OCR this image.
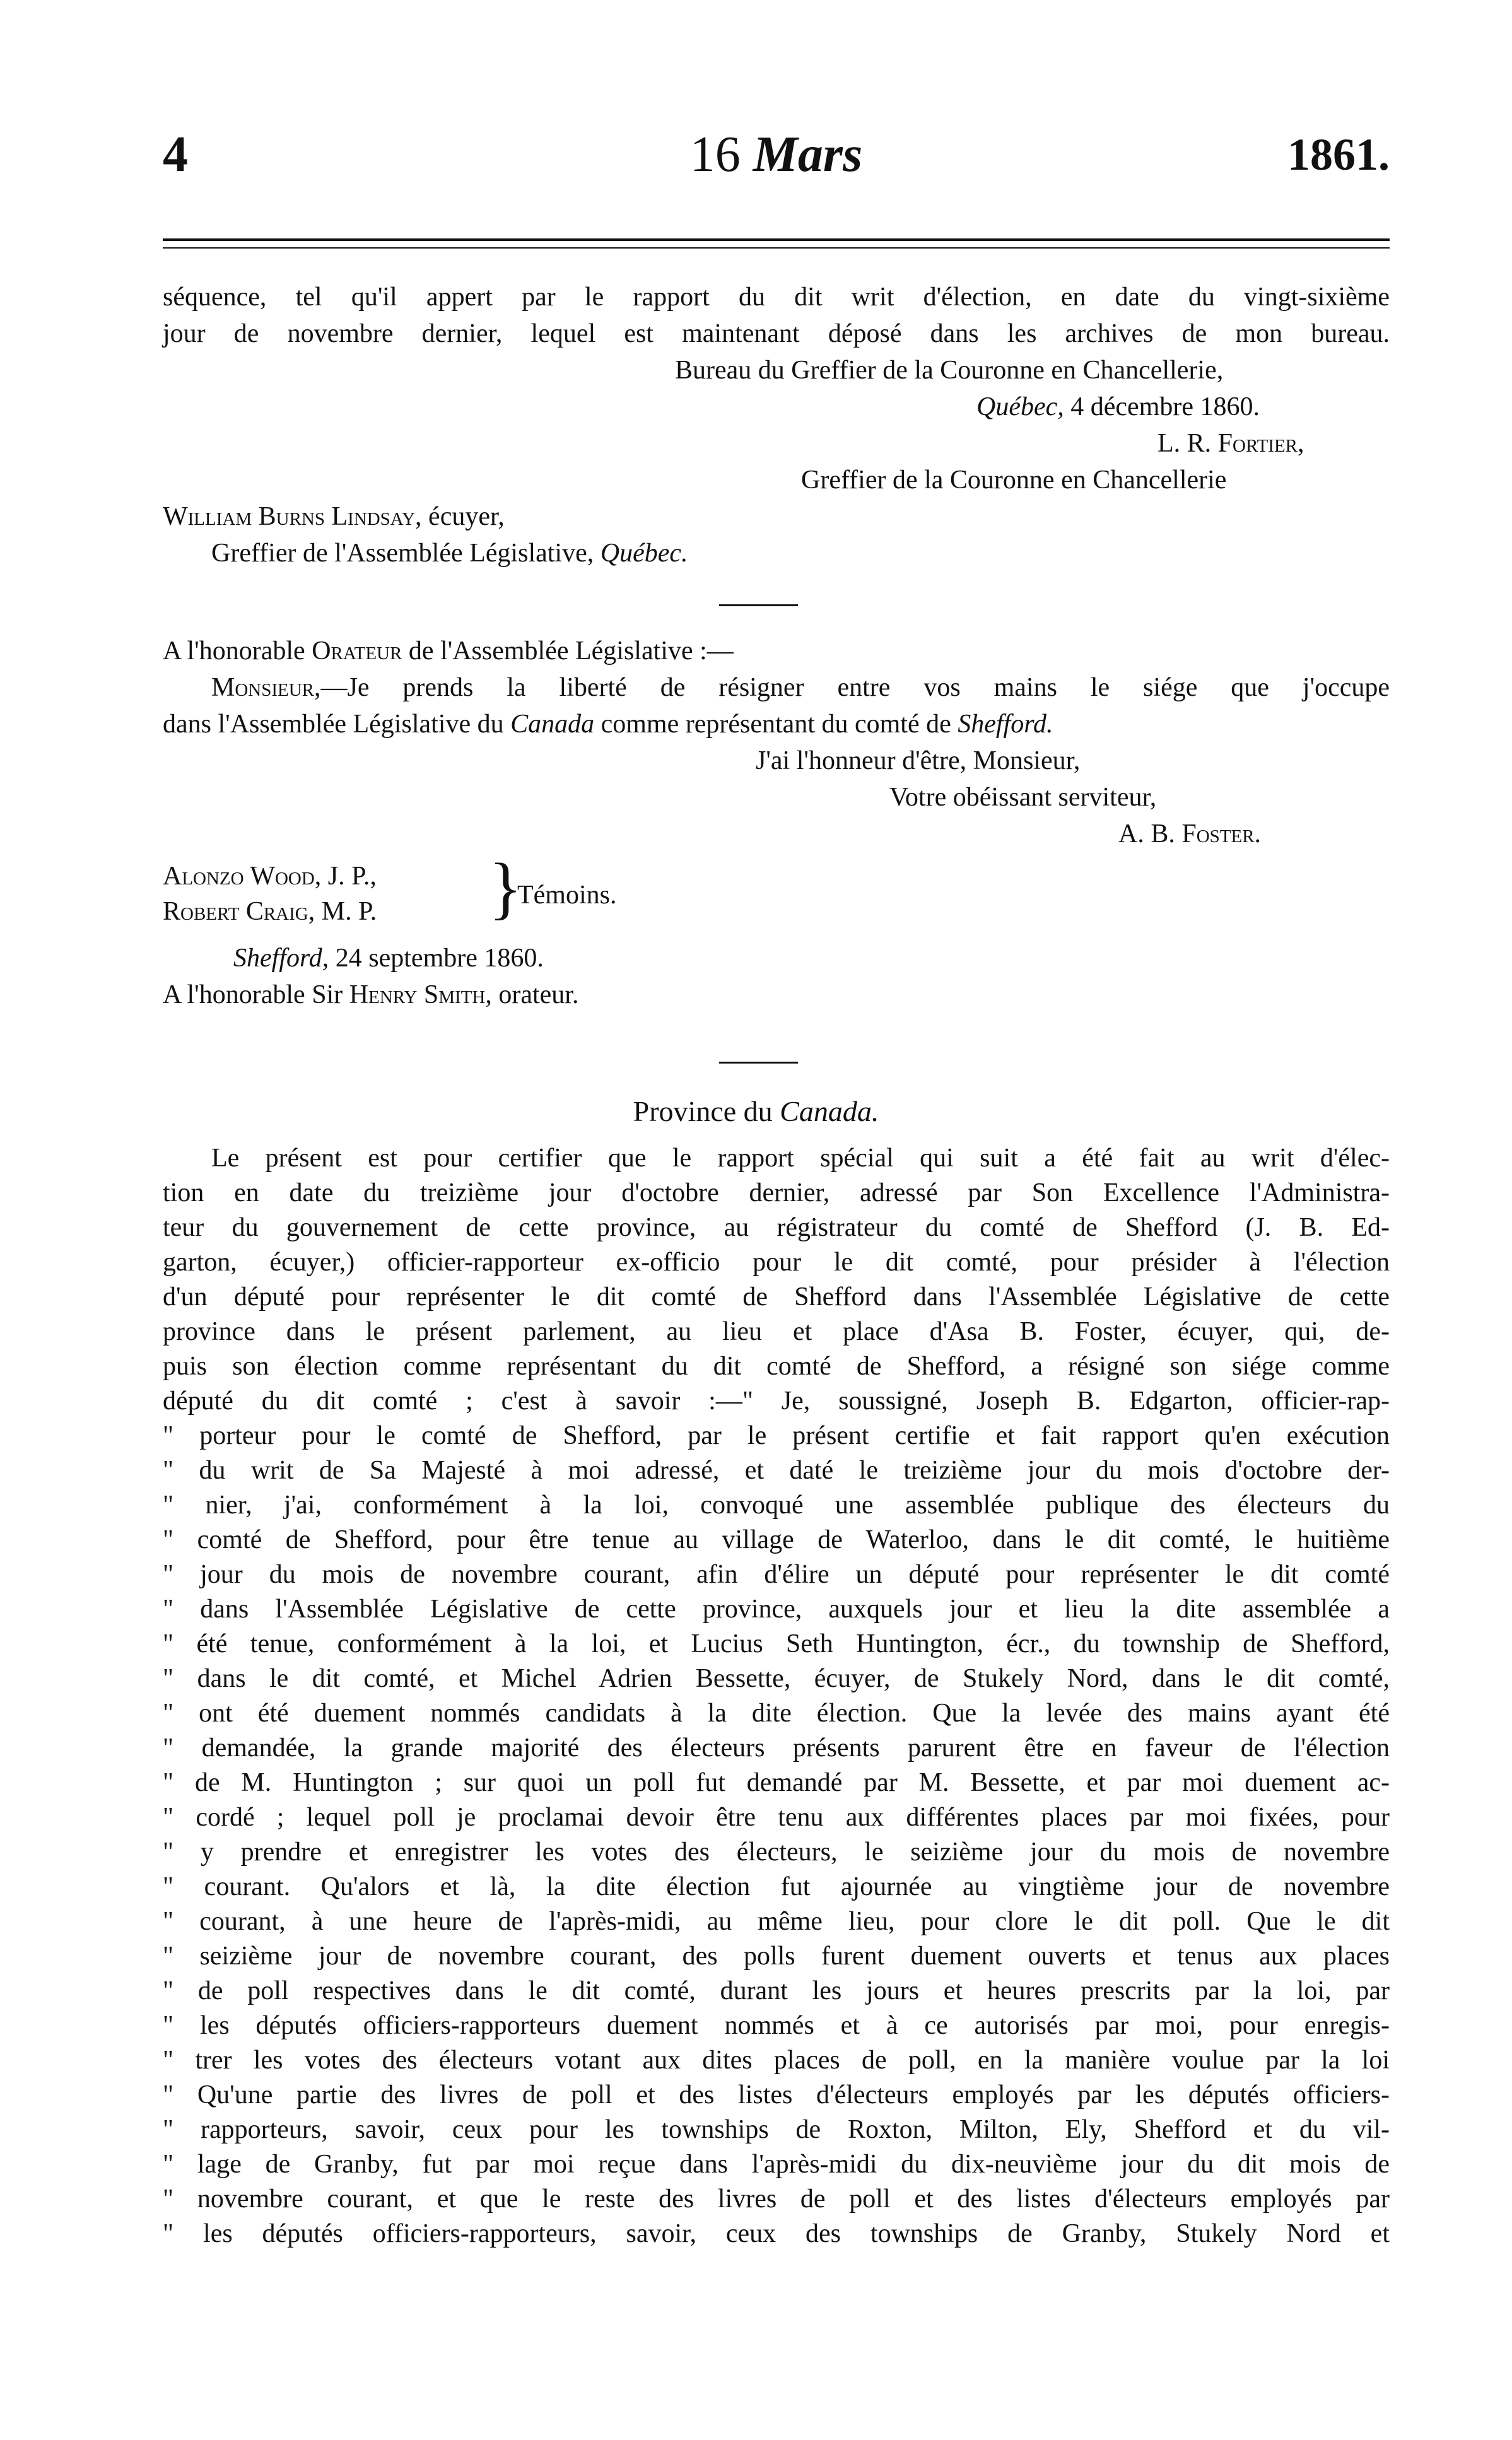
4	16 Mars	1861.
séquence, tel qu'il appert par le rapport du dit writ d'élection, en date du vingt-sixième
jour de novembre dernier, lequel est maintenant déposé dans les archives de mon bureau.
Bureau du Greffier de la Couronne en Chancellerie,
Québec, 4 décembre 1860.
L. R. Fortier,
Greffier de la Couronne en Chancellerie
William Burns Lindsay, écuyer,
Greffier de l'Assemblée Législative, Québec.
A l'honorable Orateur de l'Assemblée Législative :—
Monsieur, —Je prends la liberté de résigner entre vos mains le siége que j'occupe
dans l'Assemblée Législative du Canada comme représentant du comté de Shefford.
J'ai l'honneur d'être, Monsieur,
Votre obéissant serviteur,
A. B. Foster.
Alonzo Wood, J. P.,
Robert Craig, M. P. }
Témoins.
Shefford, 24 septembre 1860.
A l'honorable Sir Henry Smith, orateur.
Province du Canada.
Le présent est pour certifier que le rapport spécial qui suit a été fait au writ d'élec-
tion en date du treizième jour d'octobre dernier, adressé par Son Excellence l'Administra-
teur du gouvernement de cette province, au régistrateur du comté de Shefford (J. B. Ed-
garton, écuyer,) officier-rapporteur ex-officio pour le dit comté, pour présider à l'élection
d'un député pour représenter le dit comté de Shefford dans l'Assemblée Législative de cette
province dans le présent parlement, au lieu et place d'Asa B. Foster, écuyer, qui, de-
puis son élection comme représentant du dit comté de Shefford, a résigné son siége comme
député du dit comté ; c'est à savoir :—" Je, soussigné, Joseph B. Edgarton, officier-rap-
" porteur pour le comté de Shefford, par le présent certifie et fait rapport qu'en exécution
" du writ de Sa Majesté à moi adressé, et daté le treizième jour du mois d'octobre der-
" nier, j'ai, conformément à la loi, convoqué une assemblée publique des électeurs du
" comté de Shefford, pour être tenue au village de Waterloo, dans le dit comté, le huitième
" jour du mois de novembre courant, afin d'élire un député pour représenter le dit comté
" dans l'Assemblée Législative de cette province, auxquels jour et lieu la dite assemblée a
" été tenue, conformément à la loi, et Lucius Seth Huntington, écr., du township de Shefford,
" dans le dit comté, et Michel Adrien Bessette, écuyer, de Stukely Nord, dans le dit comté,
" ont été duement nommés candidats à la dite élection. Que la levée des mains ayant été
" demandée, la grande majorité des électeurs présents parurent être en faveur de l'élection
" de M. Huntington ; sur quoi un poll fut demandé par M. Bessette, et par moi duement ac-
" cordé ; lequel poll je proclamai devoir être tenu aux différentes places par moi fixées, pour
" y prendre et enregistrer les votes des électeurs, le seizième jour du mois de novembre
" courant. Qu'alors et là, la dite élection fut ajournée au vingtième jour de novembre
" courant, à une heure de l'après-midi, au même lieu, pour clore le dit poll. Que le dit
" seizième jour de novembre courant, des polls furent duement ouverts et tenus aux places
" de poll respectives dans le dit comté, durant les jours et heures prescrits par la loi, par
" les députés officiers-rapporteurs duement nommés et à ce autorisés par moi, pour enregis-
" trer les votes des électeurs votant aux dites places de poll, en la manière voulue par la loi
" Qu'une partie des livres de poll et des listes d'électeurs employés par les députés officiers-
" rapporteurs, savoir, ceux pour les townships de Roxton, Milton, Ely, Shefford et du vil-
" lage de Granby, fut par moi reçue dans l'après-midi du dix-neuvième jour du dit mois de
" novembre courant, et que le reste des livres de poll et des listes d'électeurs employés par
" les députés officiers-rapporteurs, savoir, ceux des townships de Granby, Stukely Nord et
